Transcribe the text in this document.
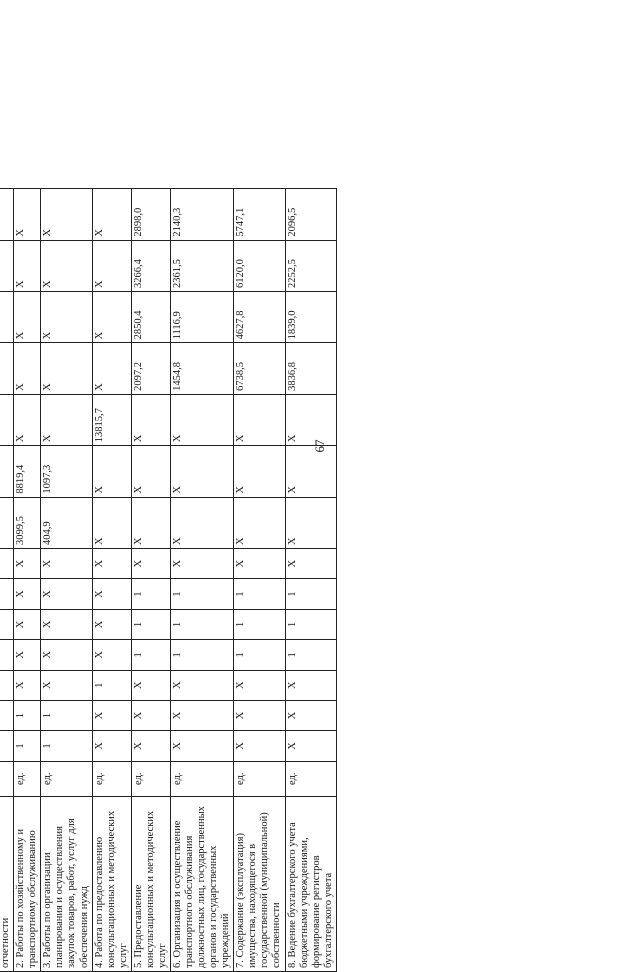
67

отчетности															
2. Работы по хозяйственному и транспортному обслуживанию	ед.	1	1	Х	Х	Х	Х	Х	3099,5	8819,4	Х	Х	Х	Х	Х
3. Работы по организации планирования и осуществления закупок товаров, работ, услуг для обеспечения нужд	ед.	1	1	Х	Х	Х	Х	Х	404,9	1097,3	Х	Х	Х	Х	Х
4. Работа по предоставлению консультационных и методических услуг	ед.	Х	Х	1	Х	Х	Х	Х	Х	Х	13815,7	Х	Х	Х	Х
5. Предоставление консультационных и методических услуг	ед.	Х	Х	Х	1	1	1	Х	Х	Х	Х	2097,2	2850,4	3266,4	2898,0
6. Организация и осуществление транспортного обслуживания должностных лиц, государственных органов и государственных учреждений	ед.	Х	Х	Х	1	1	1	Х	Х	Х	Х	1454,8	1116,9	2361,5	2140,3
7. Содержание (эксплуатация) имущества, находящегося в государственной (муниципальной) собственности	ед.	Х	Х	Х	1	1	1	Х	Х	Х	Х	6738,5	4627,8	6120,0	5747,1
8. Ведение бухгалтерского учета бюджетными учреждениями, формирование регистров бухгалтерского учета	ед.	Х	Х	Х	1	1	1	Х	Х	Х	Х	3836,8	1839,0	2252,5	2096,5
